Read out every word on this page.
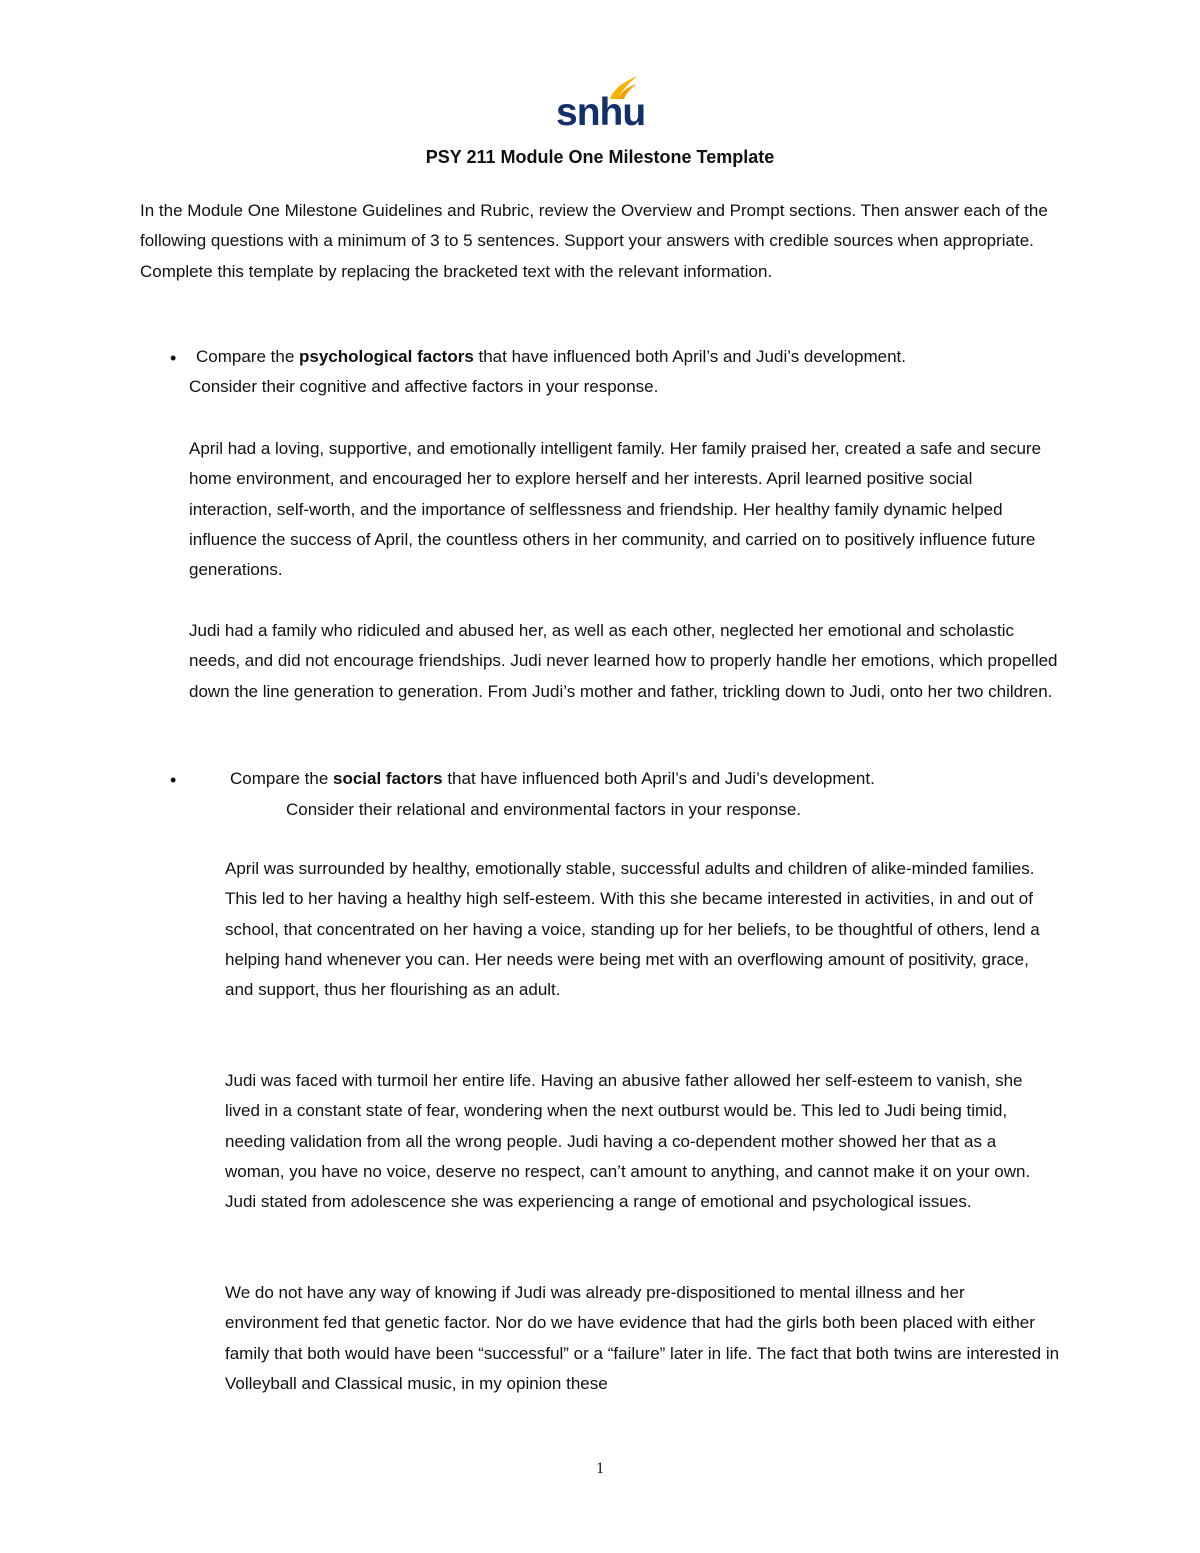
snhu
PSY 211 Module One Milestone Template

In the Module One Milestone Guidelines and Rubric, review the Overview and Prompt sections. Then answer each of the following questions with a minimum of 3 to 5 sentences. Support your answers with credible sources when appropriate. Complete this template by replacing the bracketed text with the relevant information.

• Compare the psychological factors that have influenced both April’s and Judi’s development.

Consider their cognitive and affective factors in your response.

April had a loving, supportive, and emotionally intelligent family. Her family praised her, created a safe and secure home environment, and encouraged her to explore herself and her interests. April learned positive social interaction, self-worth, and the importance of selflessness and friendship. Her healthy family dynamic helped influence the success of April, the countless others in her community, and carried on to positively influence future generations.

Judi had a family who ridiculed and abused her, as well as each other, neglected her emotional and scholastic needs, and did not encourage friendships. Judi never learned how to properly handle her emotions, which propelled down the line generation to generation. From Judi’s mother and father, trickling down to Judi, onto her two children.

•	Compare the social factors that have influenced both April’s and Judi’s development.

Consider their relational and environmental factors in your response.

April was surrounded by healthy, emotionally stable, successful adults and children of alike-minded families. This led to her having a healthy high self-esteem. With this she became interested in activities, in and out of school, that concentrated on her having a voice, standing up for her beliefs, to be thoughtful of others, lend a helping hand whenever you can. Her needs were being met with an overflowing amount of positivity, grace, and support, thus her flourishing as an adult.

Judi was faced with turmoil her entire life. Having an abusive father allowed her self-esteem to vanish, she lived in a constant state of fear, wondering when the next outburst would be. This led to Judi being timid, needing validation from all the wrong people. Judi having a co-dependent mother showed her that as a woman, you have no voice, deserve no respect, can’t amount to anything, and cannot make it on your own. Judi stated from adolescence she was experiencing a range of emotional and psychological issues.

We do not have any way of knowing if Judi was already pre-dispositioned to mental illness and her environment fed that genetic factor. Nor do we have evidence that had the girls both been placed with either family that both would have been “successful” or a “failure” later in life. The fact that both twins are interested in Volleyball and Classical music, in my opinion these

1
